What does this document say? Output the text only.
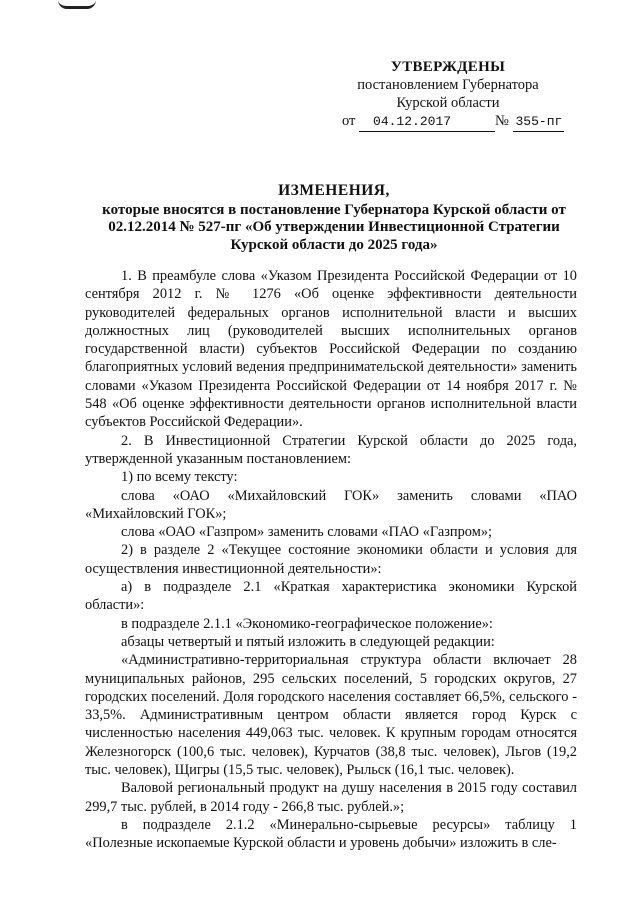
УТВЕРЖДЕНЫ
постановлением Губернатора
Курской области
от 04.12.2017	№ 355-пг
ИЗМЕНЕНИЯ,
которые вносятся в постановление Губернатора Курской области от
02.12.2014 № 527-пг «Об утверждении Инвестиционной Стратегии
Курской области до 2025 года»

1. В преамбуле слова «Указом Президента Российской Федерации от 10 сентября 2012 г. № 1276 «Об оценке эффективности деятельности руководителей федеральных органов исполнительной власти и высших должностных лиц (руководителей высших исполнительных органов государственной власти) субъектов Российской Федерации по созданию благоприятных условий ведения предпринимательской деятельности» заменить словами «Указом Президента Российской Федерации от 14 ноября 2017 г. № 548 «Об оценке эффективности деятельности органов исполнительной власти субъектов Российской Федерации».

2. В Инвестиционной Стратегии Курской области до 2025 года, утвержденной указанным постановлением:

1) по всему тексту:

слова «ОАО «Михайловский ГОК» заменить словами «ПАО «Михайловский ГОК»;

слова «ОАО «Газпром» заменить словами «ПАО «Газпром»;

2) в разделе 2 «Текущее состояние экономики области и условия для осуществления инвестиционной деятельности»:

а) в подразделе 2.1 «Краткая характеристика экономики Курской области»:

в подразделе 2.1.1 «Экономико-географическое положение»:

абзацы четвертый и пятый изложить в следующей редакции:

«Административно-территориальная структура области включает 28 муниципальных районов, 295 сельских поселений, 5 городских округов, 27 городских поселений. Доля городского населения составляет 66,5%, сельского - 33,5%. Административным центром области является город Курск с численностью населения 449,063 тыс. человек. К крупным городам относятся Железногорск (100,6 тыс. человек), Курчатов (38,8 тыс. человек), Льгов (19,2 тыс. человек), Щигры (15,5 тыс. человек), Рыльск (16,1 тыс. человек).

Валовой региональный продукт на душу населения в 2015 году составил 299,7 тыс. рублей, в 2014 году - 266,8 тыс. рублей.»;

в подразделе 2.1.2 «Минерально-сырьевые ресурсы» таблицу 1 «Полезные ископаемые Курской области и уровень добычи» изложить в сле-
